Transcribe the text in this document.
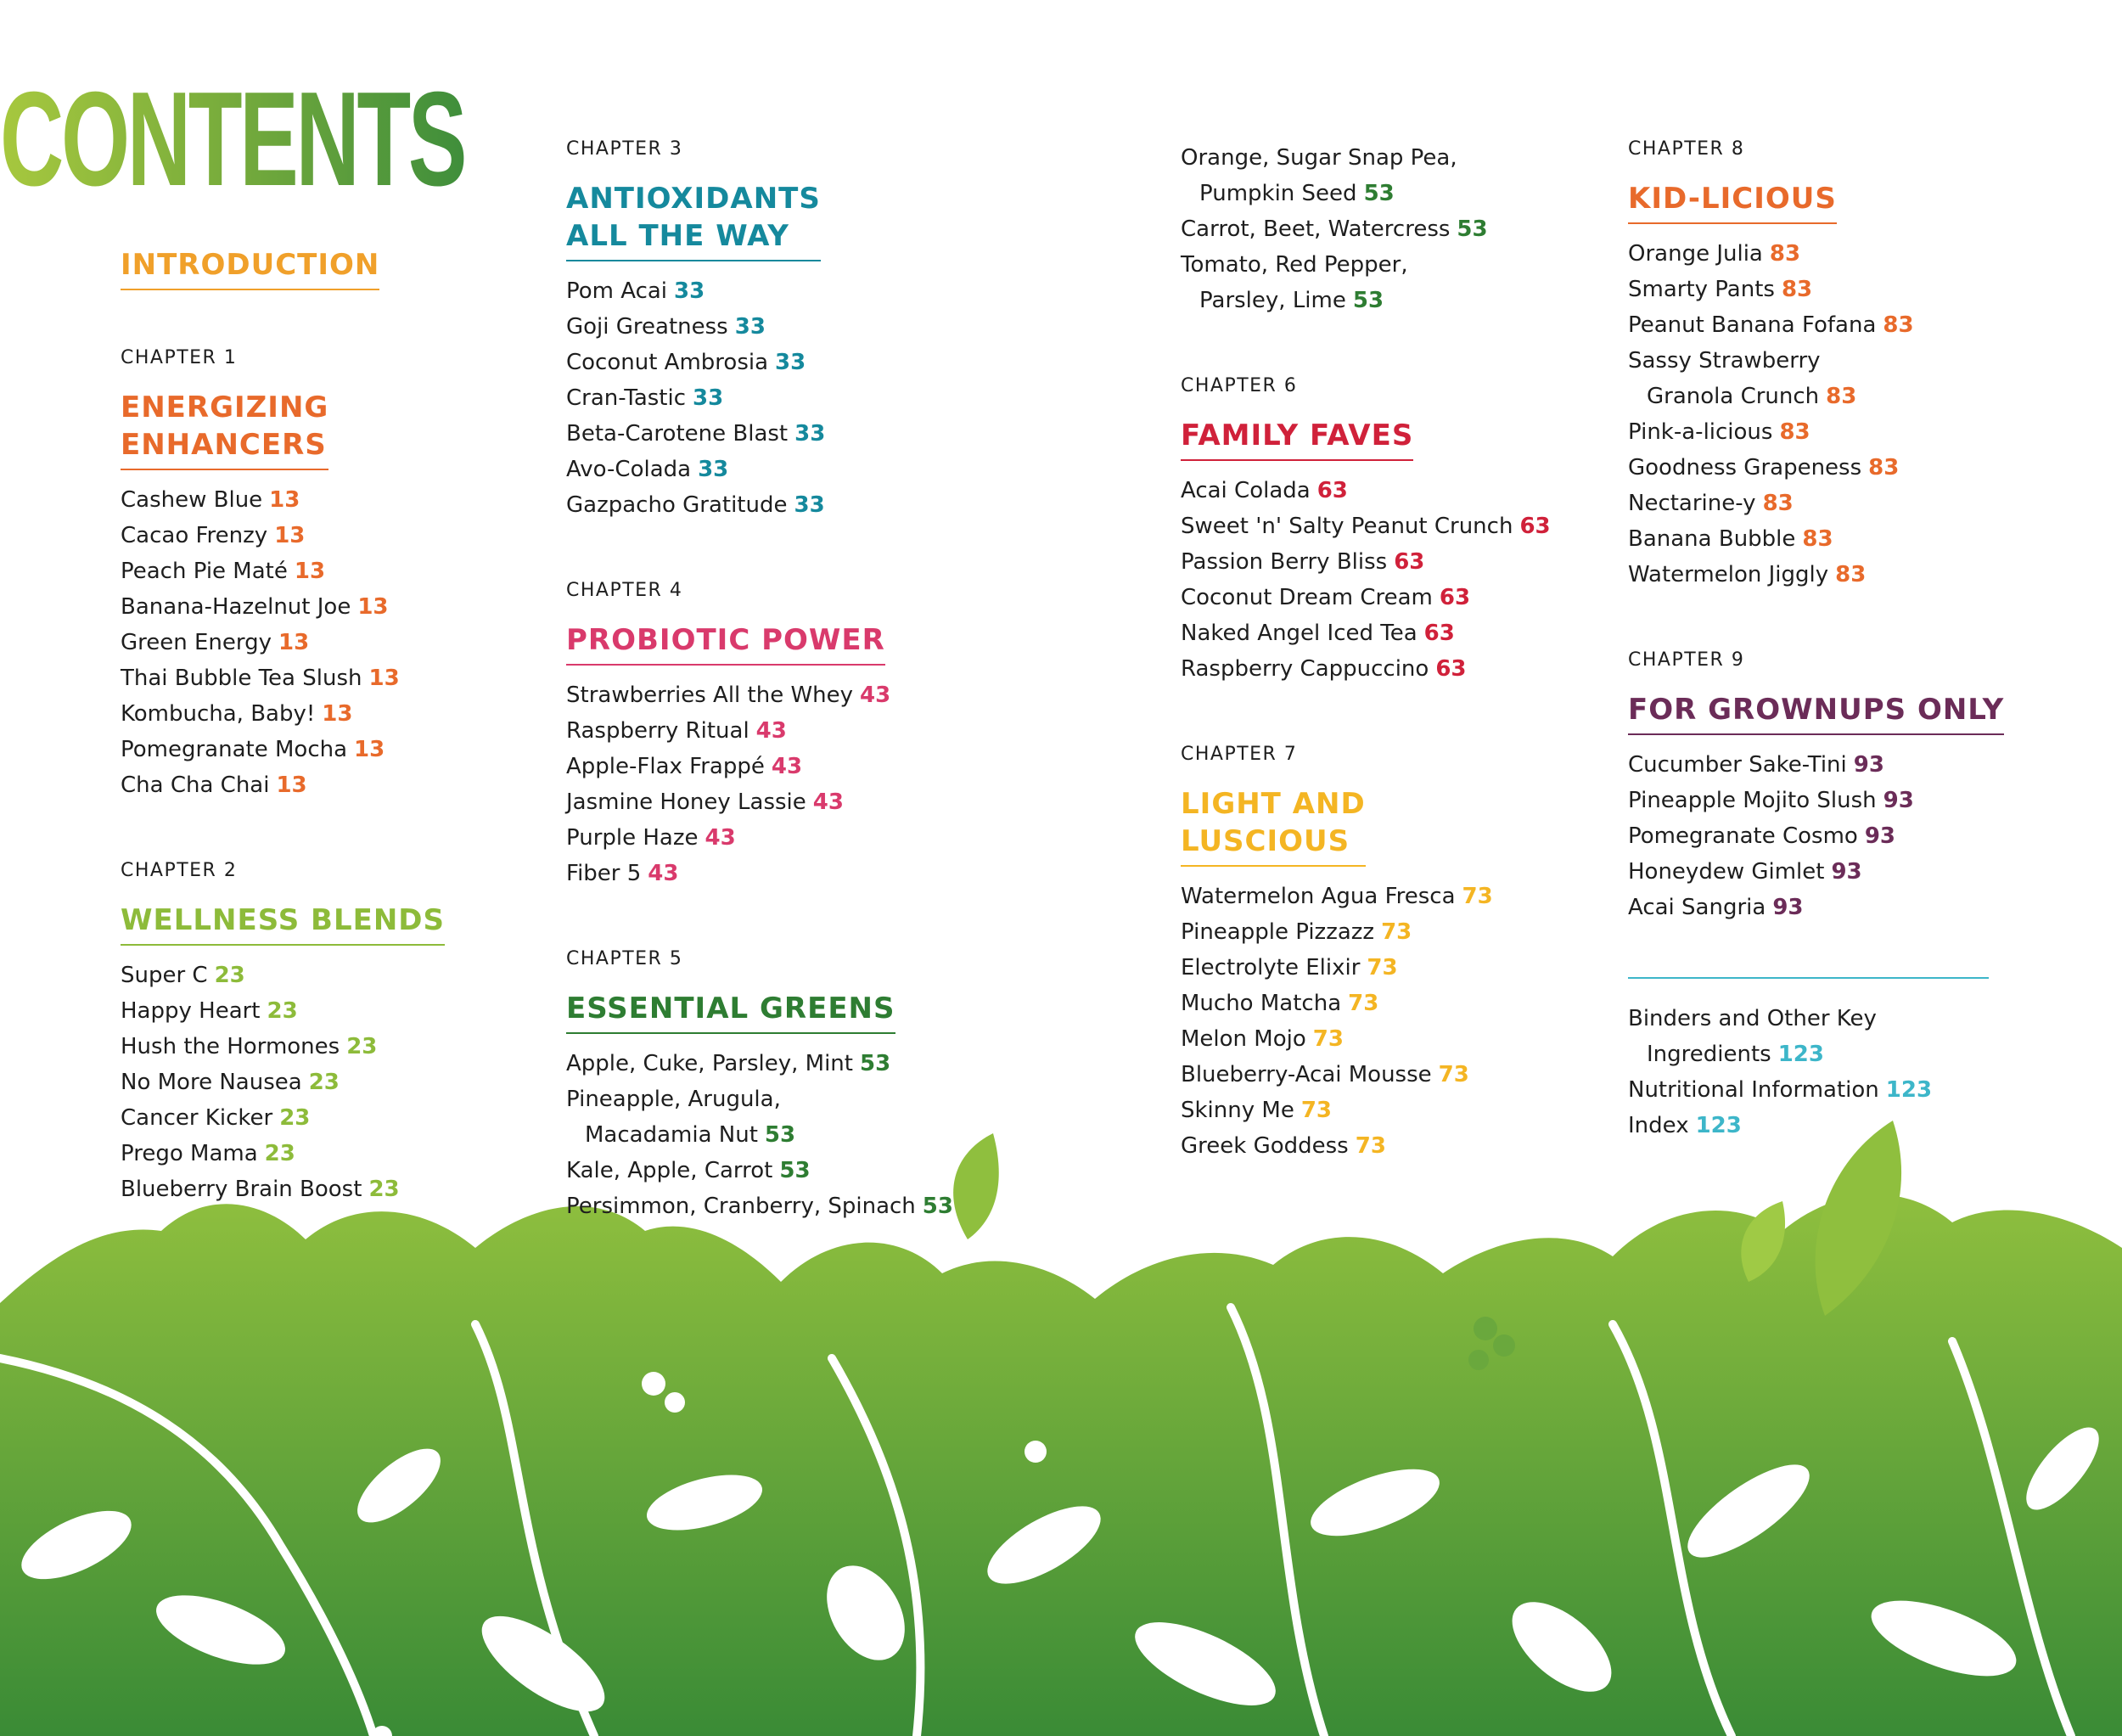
CONTENTS
INTRODUCTION
CHAPTER 1
ENERGIZING
ENHANCERS
Cashew Blue 13
Cacao Frenzy 13
Peach Pie Maté 13
Banana-Hazelnut Joe 13
Green Energy 13
Thai Bubble Tea Slush 13
Kombucha, Baby! 13
Pomegranate Mocha 13
Cha Cha Chai 13
CHAPTER 2
WELLNESS BLENDS
Super C 23
Happy Heart 23
Hush the Hormones 23
No More Nausea 23
Cancer Kicker 23
Prego Mama 23
Blueberry Brain Boost 23
CHAPTER 3
ANTIOXIDANTS
ALL THE WAY
Pom Acai 33
Goji Greatness 33
Coconut Ambrosia 33
Cran-Tastic 33
Beta-Carotene Blast 33
Avo-Colada 33
Gazpacho Gratitude 33
CHAPTER 4
PROBIOTIC POWER
Strawberries All the Whey 43
Raspberry Ritual 43
Apple-Flax Frappé 43
Jasmine Honey Lassie 43
Purple Haze 43
Fiber 5 43
CHAPTER 5
ESSENTIAL GREENS
Apple, Cuke, Parsley, Mint 53
Pineapple, Arugula,
Macadamia Nut 53
Kale, Apple, Carrot 53
Persimmon, Cranberry, Spinach 53
Orange, Sugar Snap Pea,
Pumpkin Seed 53
Carrot, Beet, Watercress 53
Tomato, Red Pepper,
Parsley, Lime 53
CHAPTER 6
FAMILY FAVES
Acai Colada 63
Sweet 'n' Salty Peanut Crunch 63
Passion Berry Bliss 63
Coconut Dream Cream 63
Naked Angel Iced Tea 63
Raspberry Cappuccino 63
CHAPTER 7
LIGHT AND
LUSCIOUS
Watermelon Agua Fresca 73
Pineapple Pizzazz 73
Electrolyte Elixir 73
Mucho Matcha 73
Melon Mojo 73
Blueberry-Acai Mousse 73
Skinny Me 73
Greek Goddess 73
CHAPTER 8
KID-LICIOUS
Orange Julia 83
Smarty Pants 83
Peanut Banana Fofana 83
Sassy Strawberry
Granola Crunch 83
Pink-a-licious 83
Goodness Grapeness 83
Nectarine-y 83
Banana Bubble 83
Watermelon Jiggly 83
CHAPTER 9
FOR GROWNUPS ONLY
Cucumber Sake-Tini 93
Pineapple Mojito Slush 93
Pomegranate Cosmo 93
Honeydew Gimlet 93
Acai Sangria 93
Binders and Other Key
Ingredients 123
Nutritional Information 123
Index 123
